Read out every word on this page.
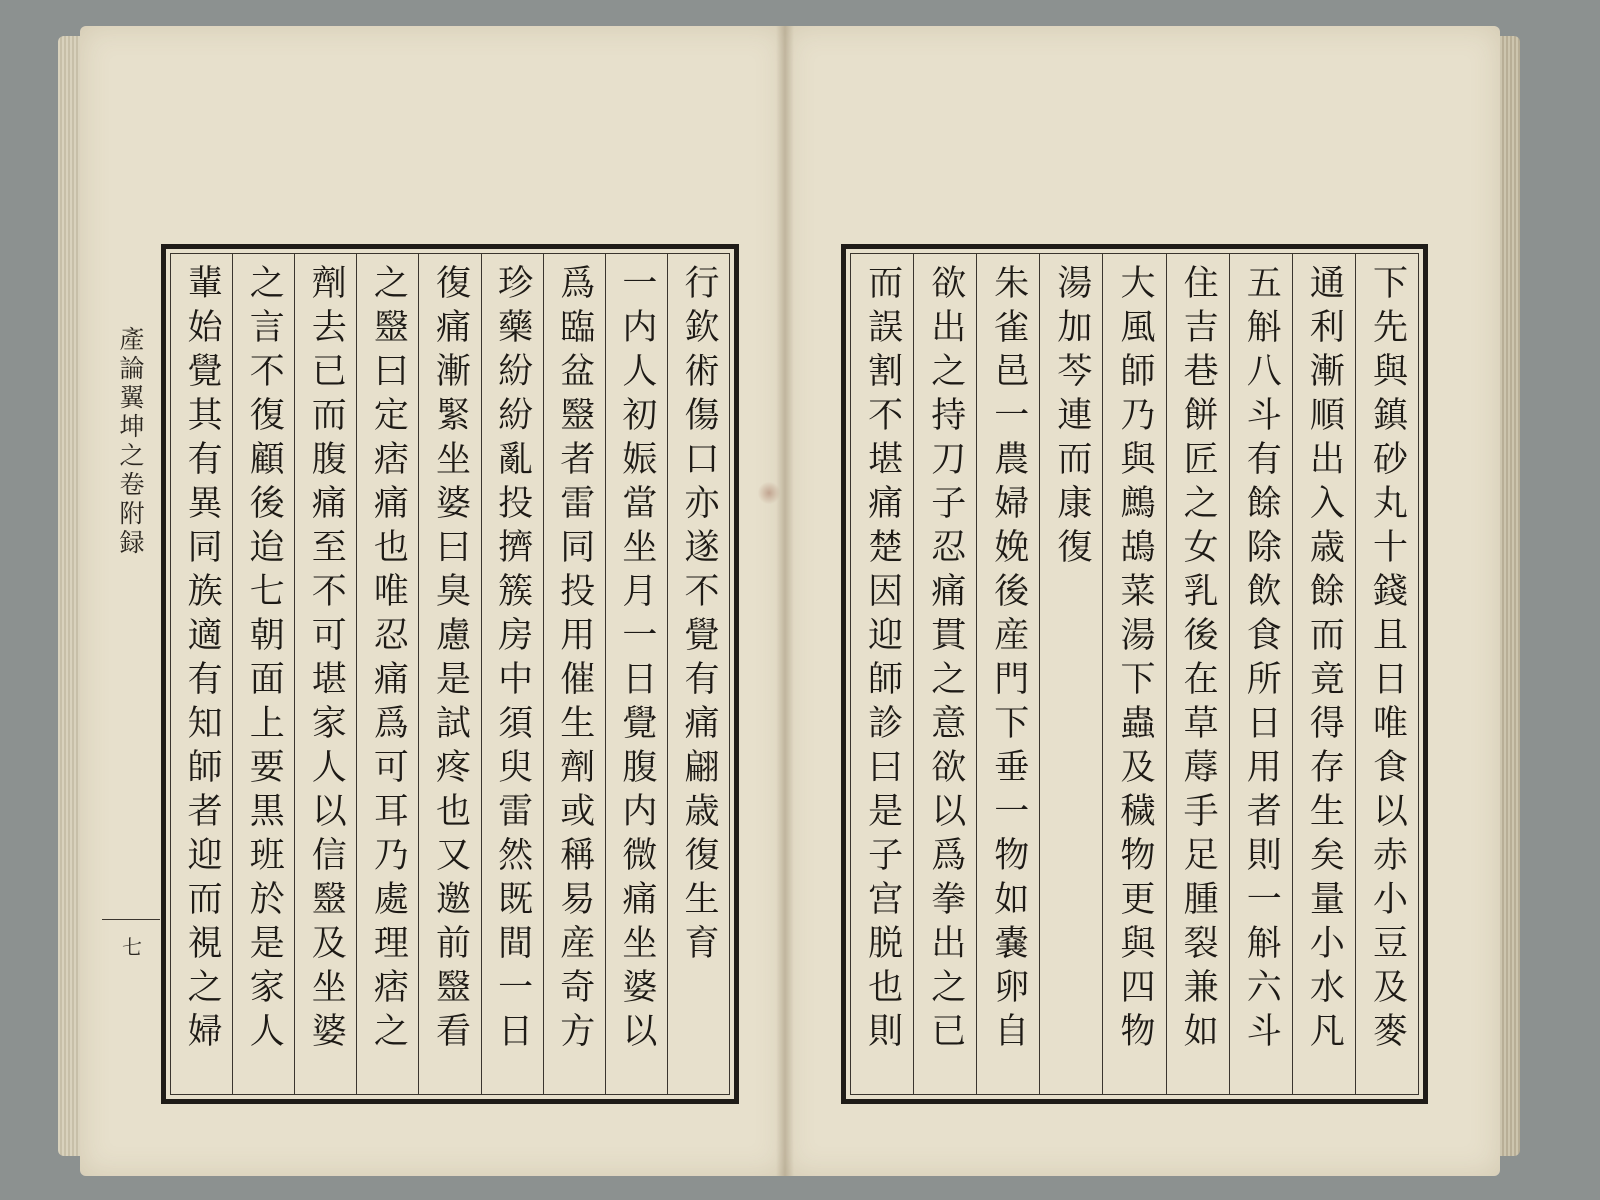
產論翼坤之卷附録
七	行欽術傷口亦遂不覺有痛翩歳復生育
一内人初娠當坐月一日覺腹内微痛坐婆以
爲臨盆毉者雷同投用催生劑或稱易産奇方
珍藥紛紛亂投擠簇房中須臾雷然既間一日
復痛漸緊坐婆曰臭慮是試疼也又邀前毉看
之毉曰定痞痛也唯忍痛爲可耳乃處理痞之
劑去已而腹痛至不可堪家人以信毉及坐婆
之言不復顧後迨七朝面上要黒班於是家人
輩始覺其有異同族適有知師者迎而視之婦	下先與鎮砂丸十錢且日唯食以赤小豆及麥
通利漸順出入歳餘而竟得存生矣量小水凡
五斛八斗有餘除飲食所日用者則一斛六斗
住吉巷餅匠之女乳後在草蓐手足腫裂兼如
大風師乃與鷓鴣菜湯下蟲及穢物更與四物
湯加芩連而康復
朱雀邑一農婦娩後産門下垂一物如嚢卵自
欲出之持刀子忍痛貫之意欲以爲拳出之已
而誤割不堪痛楚因迎師診曰是子宫脱也則
